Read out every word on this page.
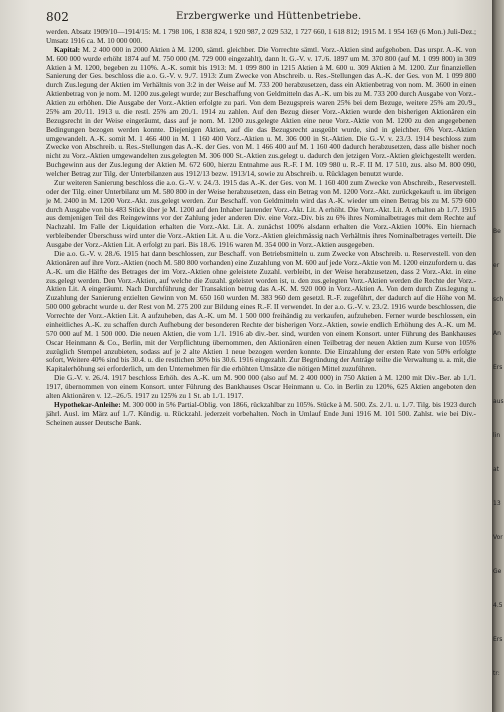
802	Erzbergwerke und Hüttenbetriebe.

werden. Absatz 1909/10—1914/15: M. 1 798 106, 1 838 824, 1 920 987, 2 029 532, 1 727 660, 1 618 812; 1915 M. 1 954 169 (6 Mon.) Juli-Dez.; Umsatz 1916 ca. M. 10 000 000.

Kapital: M. 2 400 000 in 2000 Aktien à M. 1200, sämtl. gleichber. Die Vorrechte sämtl. Vorz.-Aktien sind aufgehoben. Das urspr. A.-K. von M. 600 000 wurde erhöht 1874 auf M. 750 000 (M. 729 000 eingezahlt), dann lt. G.-V. v. 17./6. 1897 um M. 370 800 (auf M. 1 099 800) in 309 Aktien à M. 1200, begeben zu 110%. A.-K. somit bis 1913: M. 1 099 800 in 1215 Aktien à M. 600 u. 309 Aktien à M. 1200. Zur finanziellen Sanierung der Ges. beschloss die a.o. G.-V. v. 9./7. 1913: Zum Zwecke von Abschreib. u. Res.-Stellungen das A.-K. der Ges. von M. 1 099 800 durch Zus.legung der Aktien im Verhältnis von 3:2 in der Weise auf M. 733 200 herabzusetzen, dass ein Aktienbetrag von nom. M. 3600 in einen Aktienbetrag von je nom. M. 1200 zus.gelegt wurde; zur Beschaffung von Geldmitteln das A.-K. um bis zu M. 733 200 durch Ausgabe von Vorz.-Aktien zu erhöhen. Die Ausgabe der Vorz.-Aktien erfolgte zu pari. Von dem Bezugspreis waren 25% bei dem Bezuge, weitere 25% am 20./9., 25% am 20./11. 1913 u. die restl. 25% am 20./1. 1914 zu zahlen. Auf den Bezug dieser Vorz.-Aktien wurde den bisherigen Aktionären ein Bezugsrecht in der Weise eingeräumt, dass auf je nom. M. 1200 zus.gelegte Aktien eine neue Vorz.-Aktie von M. 1200 zu den angegebenen Bedingungen bezogen werden konnte. Diejenigen Aktien, auf die das Bezugsrecht ausgeübt wurde, sind in gleichber. 6% Vorz.-Aktien umgewandelt. A.-K. somit M. 1 466 400 in M. 1 160 400 Vorz.-Aktien u. M. 306 000 in St.-Aktien. Die G.-V. v. 23./3. 1914 beschloss zum Zwecke von Abschreib. u. Res.-Stellungen das A.-K. der Ges. von M. 1 466 400 auf M. 1 160 400 dadurch herabzusetzen, dass alle bisher noch nicht zu Vorz.-Aktien umgewandelten zus.gelegten M. 306 000 St.-Aktien zus.gelegt u. dadurch den jetzigen Vorz.-Aktien gleichgestellt werden. Buchgewinn aus der Zus.legung der Aktien M. 672 600, hierzu Entnahme aus R.-F. I M. 109 980 u. R.-F. II M. 17 510, zus. also M. 800 090, welcher Betrag zur Tilg. der Unterbilanzen aus 1912/13 bezw. 1913/14, sowie zu Abschreib. u. Rücklagen benutzt wurde.

Zur weiteren Sanierung beschloss die a.o. G.-V. v. 24./3. 1915 das A.-K. der Ges. von M. 1 160 400 zum Zwecke von Abschreib., Reservestell. oder der Tilg. einer Unterbilanz um M. 580 800 in der Weise herabzusetzen, dass ein Betrag von M. 1200 Vorz.-Akt. zurückgekauft u. im übrigen je M. 2400 in M. 1200 Vorz.-Akt. zus.gelegt werden. Zur Beschaff. von Geldmitteln wird das A.-K. wieder um einen Betrag bis zu M. 579 600 durch Ausgabe von bis 483 Stück über je M. 1200 auf den Inhaber lautender Vorz.-Akt. Lit. A erhöht. Die Vorz.-Akt. Lit. A erhalten ab 1./7. 1915 aus demjenigen Teil des Reingewinns vor der Zahlung jeder anderen Div. eine Vorz.-Div. bis zu 6% ihres Nominalbetrages mit dem Rechte auf Nachzahl. Im Falle der Liquidation erhalten die Vorz.-Akt. Lit. A. zunächst 100% alsdann erhalten die Vorz.-Aktien 100%. Ein hiernach verbleibender Überschuss wird unter die Vorz.-Aktien Lit. A u. die Vorz.-Aktien gleichmässig nach Verhältnis ihres Nominalbetrages verteilt. Die Ausgabe der Vorz.-Aktien Lit. A erfolgt zu pari. Bis 18./6. 1916 waren M. 354 000 in Vorz.-Aktien ausgegeben.

Die a.o. G.-V. v. 28./6. 1915 hat dann beschlossen, zur Beschaff. von Betriebsmitteln u. zum Zwecke von Abschreib. u. Reservestell. von den Aktionären auf ihre Vorz.-Aktien (noch M. 580 800 vorhanden) eine Zuzahlung von M. 600 auf jede Vorz.-Aktie von M. 1200 einzufordern u. das A.-K. um die Hälfte des Betrages der im Vorz.-Aktien ohne geleistete Zuzahl. verbleibt, in der Weise herabzusetzen, dass 2 Vorz.-Akt. in eine zus.gelegt werden. Den Vorz.-Aktien, auf welche die Zuzahl. geleistet worden ist, u. den zus.gelegten Vorz.-Aktien werden die Rechte der Vorz.-Aktien Lit. A eingeräumt. Nach Durchführung der Transaktion betrug das A.-K. M. 920 000 in Vorz.-Aktien A. Von dem durch Zus.legung u. Zuzahlung der Sanierung erzielten Gewinn von M. 650 160 wurden M. 383 960 dem gesetzl. R.-F. zugeführt, der dadurch auf die Höhe von M. 500 000 gebracht wurde u. der Rest von M. 275 200 zur Bildung eines R.-F. II verwendet. In der a.o. G.-V. v. 23./2. 1916 wurde beschlossen, die Vorrechte der Vorz.-Aktien Lit. A aufzuheben, das A.-K. um M. 1 500 000 freihändig zu verkaufen, aufzuheben. Ferner wurde beschlossen, ein einheitliches A.-K. zu schaffen durch Aufhebung der besonderen Rechte der bisherigen Vorz.-Aktien, sowie endlich Erhöhung des A.-K. um M. 570 000 auf M. 1 500 000. Die neuen Aktien, die vom 1./1. 1916 ab div.-ber. sind, wurden von einem Konsort. unter Führung des Bankhauses Oscar Heinmann & Co., Berlin, mit der Verpflichtung übernommen, den Aktionären einen Teilbetrag der neuen Aktien zum Kurse von 105% zuzüglich Stempel anzubieten, sodass auf je 2 alte Aktien 1 neue bezogen werden konnte. Die Einzahlung der ersten Rate von 50% erfolgte sofort, Weitere 40% sind bis 30.4. u. die restlichen 30% bis 30.6. 1916 eingezahlt. Zur Begründung der Anträge teilte die Verwaltung u. a. mit, die Kapitalerhöhung sei erforderlich, um den Unternehmen für die erhöhten Umsätze die nötigen Mittel zuzuführen.

Die G.-V. v. 26./4. 1917 beschloss Erhöh. des A.-K. um M. 900 000 (also auf M. 2 400 000) in 750 Aktien à M. 1200 mit Div.-Ber. ab 1./1. 1917, übernommen von einem Konsort. unter Führung des Bankhauses Oscar Heinmann u. Co. in Berlin zu 120%, 625 Aktien angeboten den alten Aktionären v. 12.–26./5. 1917 zu 125% zu 1 St. ab 1./1. 1917.

Hypothekar-Anleihe: M. 300 000 in 5% Partial-Oblig. von 1866, rückzahlbar zu 105%. Stücke à M. 500. Zs. 2./1. u. 1./7. Tilg. bis 1923 durch jährl. Ausl. im März auf 1./7. Kündig. u. Rückzahl. jederzeit vorbehalten. Noch in Umlauf Ende Juni 1916 M. 101 500. Zahlst. wie bei Div.-Scheinen ausser Deutsche Bank.

Be
er
sch
An
Ers
aus
lin
at
13
Vor
Ge
4.5
Ers
tr:
